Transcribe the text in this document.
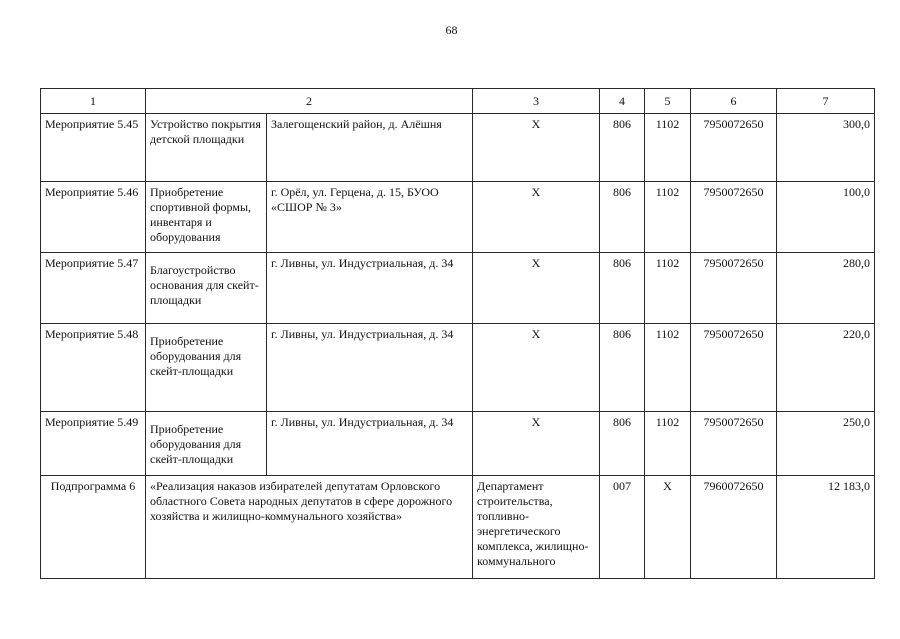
68
1	2		3	4	5	6	7
Мероприятие 5.45	Устройство покрытия детской площадки	Залегощенский район, д. Алёшня	Х	806	1102	7950072650	300,0
Мероприятие 5.46	Приобретение спортивной формы, инвентаря и оборудования	г. Орёл, ул. Герцена, д. 15, БУОО «СШОР № 3»	Х	806	1102	7950072650	100,0
Мероприятие 5.47	Благоустройство основания для скейт-площадки	г. Ливны, ул. Индустриальная, д. 34	Х	806	1102	7950072650	280,0
Мероприятие 5.48	Приобретение оборудования для скейт-площадки	г. Ливны, ул. Индустриальная, д. 34	Х	806	1102	7950072650	220,0
Мероприятие 5.49	Приобретение оборудования для скейт-площадки	г. Ливны, ул. Индустриальная, д. 34	Х	806	1102	7950072650	250,0
Подпрограмма 6	«Реализация наказов избирателей депутатам Орловского областного Совета народных депутатов в сфере дорожного хозяйства и жилищно-коммунального хозяйства»		Департамент строительства, топливно-энергетического комплекса, жилищно-коммунального	007	Х	7960072650	12 183,0
